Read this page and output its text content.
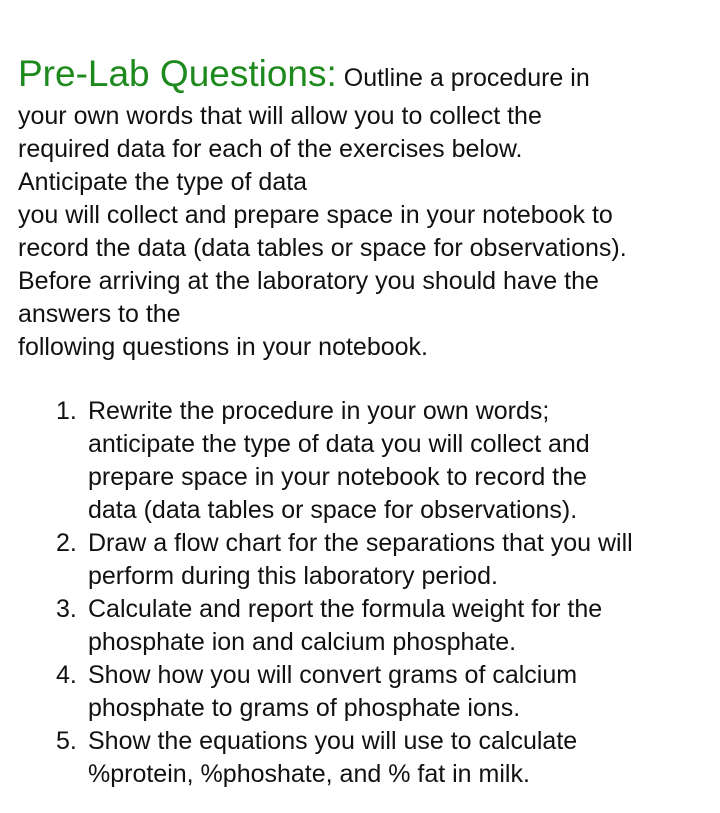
Pre-Lab Questions: Outline a procedure in
your own words that will allow you to collect the
required data for each of the exercises below.
Anticipate the type of data
you will collect and prepare space in your notebook to
record the data (data tables or space for observations).
Before arriving at the laboratory you should have the
answers to the
following questions in your notebook.

1. Rewrite the procedure in your own words;
anticipate the type of data you will collect and
prepare space in your notebook to record the
data (data tables or space for observations).
2. Draw a flow chart for the separations that you will
perform during this laboratory period.
3. Calculate and report the formula weight for the
phosphate ion and calcium phosphate.
4. Show how you will convert grams of calcium
phosphate to grams of phosphate ions.
5. Show the equations you will use to calculate
%protein, %phoshate, and % fat in milk.
